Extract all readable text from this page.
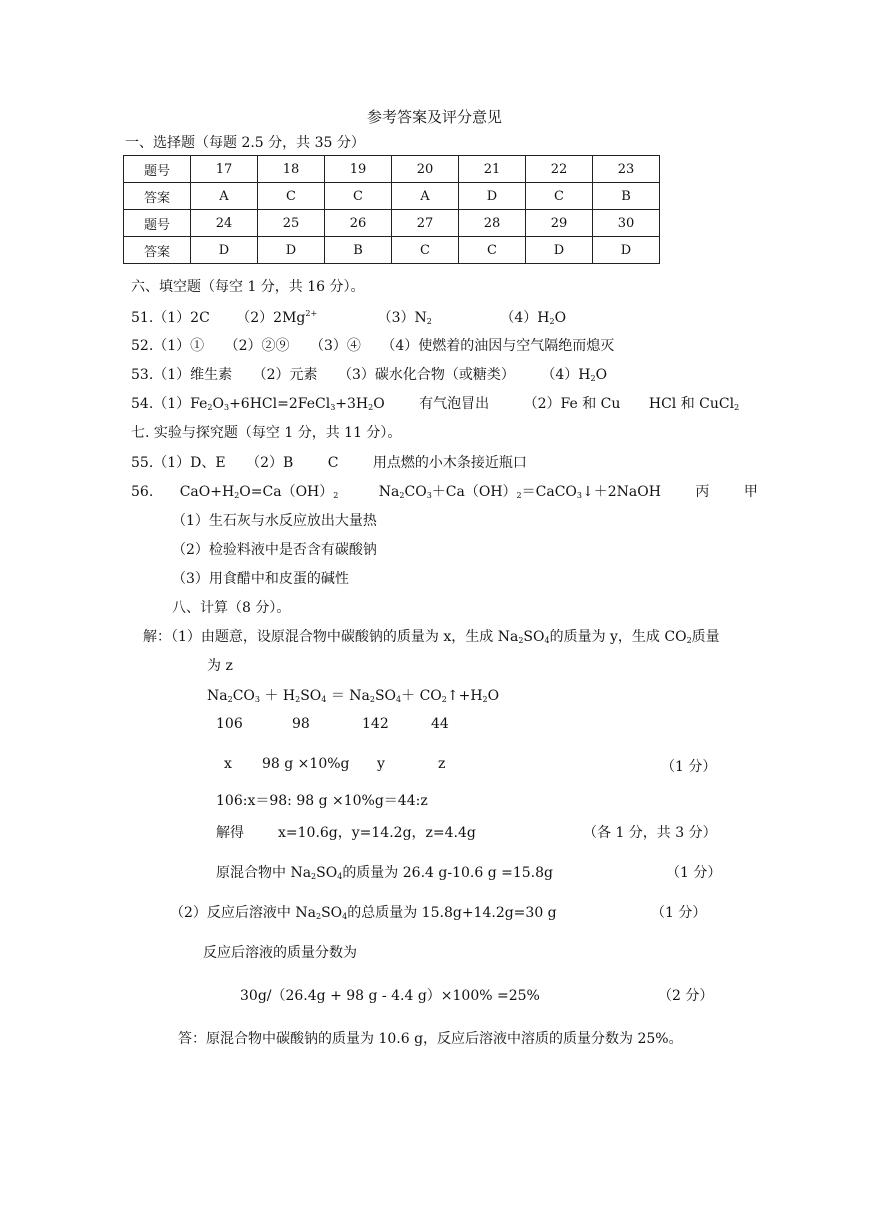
参考答案及评分意见
一、选择题（每题 2.5 分，共 35 分）
题号	17	18	19	20	21	22	23
答案	A	C	C	A	D	C	B
题号	24	25	26	27	28	29	30
答案	D	D	B	C	C	D	D
六、填空题（每空 1 分，共 16 分）。
51.（1）2C $(2)2Mg^{2+}$	$(3)N_2$	$(4)H_2O$
52.（1）① （2）②⑨ （3）④ （4）使燃着的油因与空气隔绝而熄灭
53.（1）维生素 （2）元素 （3）碳水化合物（或糖类） $(4)H_2O$
$54.(1)Fe_2O_3+6HCl=2FeCl_3+3H_2O$ 有气泡冒出 （2）Fe 和 Cu HCl 和 CuCl$_2$
七. 实验与探究题（每空 1 分，共 11 分）。
55.（1）D、E （2）B C 用点燃的小木条接近瓶口
56. $CaO+H_2O=Ca(OH)_2$	$Na_2CO_3+Ca(OH)_2=CaCO_3↓+2NaOH$ 丙 甲
（1）生石灰与水反应放出大量热
（2）检验料液中是否含有碳酸钠
（3）用食醋中和皮蛋的碱性
八、计算（8 分）。
解：（1）由题意，设原混合物中碳酸钠的质量为 x，生成 $Na_2SO_4$的质量为 y，生成 $CO_2$质量
为 z
$Na_2CO_3 + H_2SO_4 = Na_2SO_4+$ $CO_2↑+H_2O$
106	98	142	44
x 98 g ×10%g y	z	（1 分）
106:x＝98: 98 g ×10%g＝44:z
解得 x=10.6g，y=14.2g，z=4.4g	（各 1 分，共 3 分）
原混合物中 $Na_2SO_4$的质量为 26.4 g-10.6 g =15.8g	（1 分）
（2）反应后溶液中 $Na_2SO_4$的总质量为 15.8g+14.2g=30 g	（1 分）
反应后溶液的质量分数为
30g/（26.4g + 98 g - 4.4 g）×100% =25%	（2 分）
答：原混合物中碳酸钠的质量为 10.6 g，反应后溶液中溶质的质量分数为 25%。
